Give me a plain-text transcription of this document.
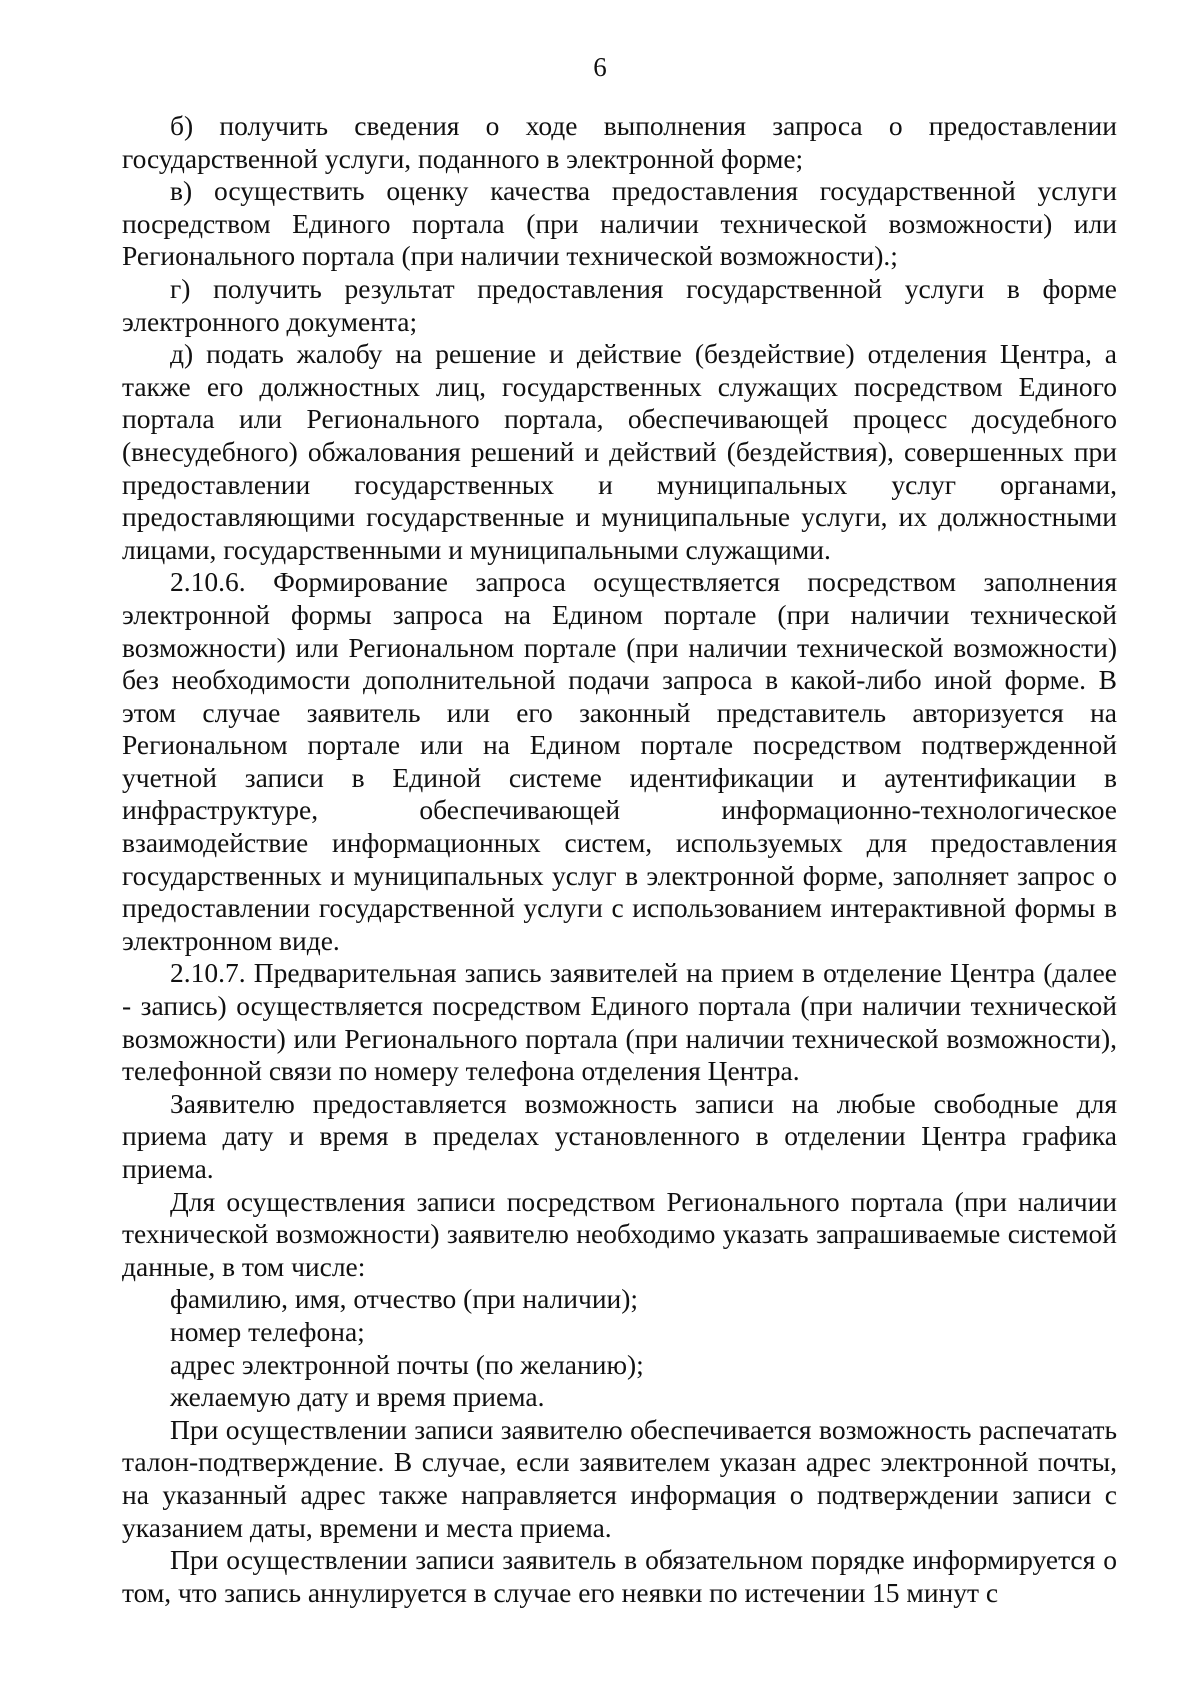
6

б) получить сведения о ходе выполнения запроса о предоставлении государственной услуги, поданного в электронной форме;

в) осуществить оценку качества предоставления государственной услуги посредством Единого портала (при наличии технической возможности) или Регионального портала (при наличии технической возможности).;

г) получить результат предоставления государственной услуги в форме электронного документа;

д) подать жалобу на решение и действие (бездействие) отделения Центра, а также его должностных лиц, государственных служащих посредством Единого портала или Регионального портала, обеспечивающей процесс досудебного (внесудебного) обжалования решений и действий (бездействия), совершенных при предоставлении государственных и муниципальных услуг органами, предоставляющими государственные и муниципальные услуги, их должностными лицами, государственными и муниципальными служащими.

2.10.6. Формирование запроса осуществляется посредством заполнения электронной формы запроса на Едином портале (при наличии технической возможности) или Региональном портале (при наличии технической возможности) без необходимости дополнительной подачи запроса в какой-либо иной форме. В этом случае заявитель или его законный представитель авторизуется на Региональном портале или на Едином портале посредством подтвержденной учетной записи в Единой системе идентификации и аутентификации в инфраструктуре, обеспечивающей информационно-технологическое взаимодействие информационных систем, используемых для предоставления государственных и муниципальных услуг в электронной форме, заполняет запрос о предоставлении государственной услуги с использованием интерактивной формы в электронном виде.

2.10.7. Предварительная запись заявителей на прием в отделение Центра (далее - запись) осуществляется посредством Единого портала (при наличии технической возможности) или Регионального портала (при наличии технической возможности), телефонной связи по номеру телефона отделения Центра.

Заявителю предоставляется возможность записи на любые свободные для приема дату и время в пределах установленного в отделении Центра графика приема.

Для осуществления записи посредством Регионального портала (при наличии технической возможности) заявителю необходимо указать запрашиваемые системой данные, в том числе:

фамилию, имя, отчество (при наличии);

номер телефона;

адрес электронной почты (по желанию);

желаемую дату и время приема.

При осуществлении записи заявителю обеспечивается возможность распечатать талон-подтверждение. В случае, если заявителем указан адрес электронной почты, на указанный адрес также направляется информация о подтверждении записи с указанием даты, времени и места приема.

При осуществлении записи заявитель в обязательном порядке информируется о том, что запись аннулируется в случае его неявки по истечении 15 минут с
